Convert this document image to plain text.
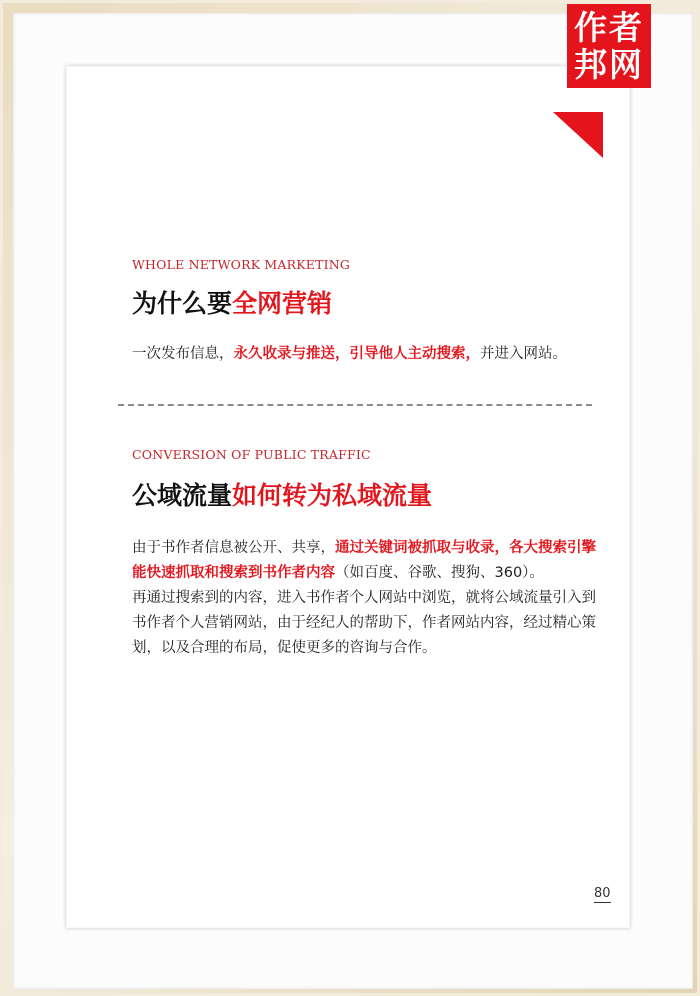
作者
邦网
WHOLE NETWORK MARKETING
为什么要全网营销
一次发布信息，永久收录与推送，引导他人主动搜索，并进入网站。
CONVERSION OF PUBLIC TRAFFIC
公域流量如何转为私域流量
由于书作者信息被公开、共享，通过关键词被抓取与收录，各大搜索引擎能快速抓取和搜索到书作者内容（如百度、谷歌、搜狗、360）。
再通过搜索到的内容，进入书作者个人网站中浏览，就将公域流量引入到书作者个人营销网站，由于经纪人的帮助下，作者网站内容，经过精心策划，以及合理的布局，促使更多的咨询与合作。
80
